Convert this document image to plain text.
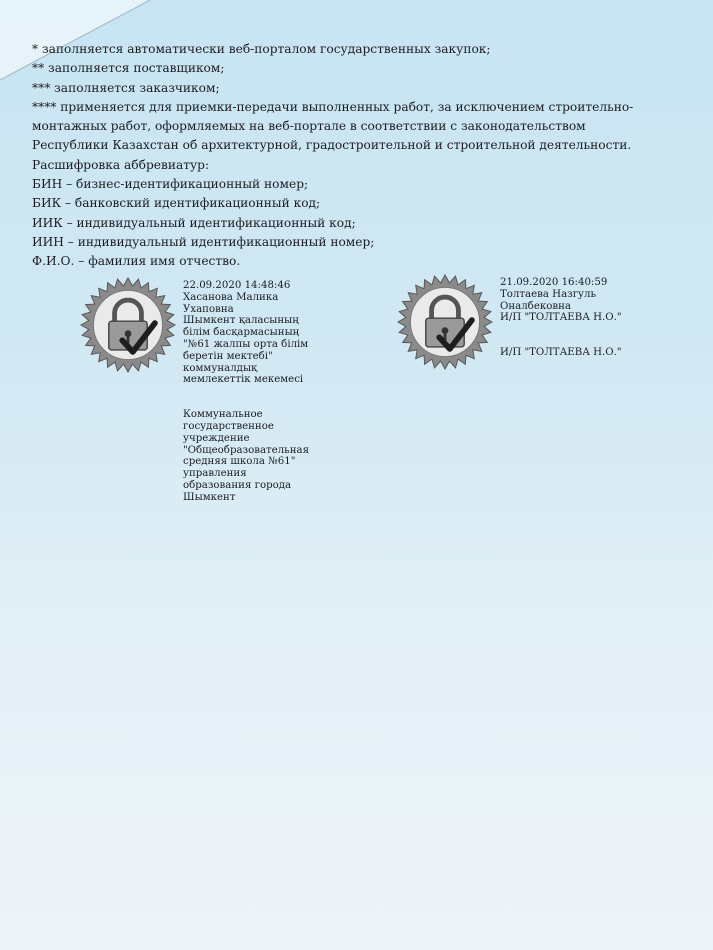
* заполняется автоматически веб-порталом государственных закупок;
** заполняется поставщиком;
*** заполняется заказчиком;
**** применяется для приемки-передачи выполненных работ, за исключением строительно-
монтажных работ, оформляемых на веб-портале в соответствии с законодательством
Республики Казахстан об архитектурной, градостроительной и строительной деятельности.
Расшифровка аббревиатур:
БИН – бизнес-идентификационный номер;
БИК – банковский идентификационный код;
ИИК – индивидуальный идентификационный код;
ИИН – индивидуальный идентификационный номер;
Ф.И.О. – фамилия имя отчество.
22.09.2020 14:48:46
Хасанова Малика
Ухаповна
Шымкент қаласының
білім басқармасының
"№61 жалпы орта білім
беретін мектебі"
коммуналдық
мемлекеттік мекемесі
Коммунальное
государственное
учреждение
"Общеобразовательная
средняя школа №61"
управления
образования города
Шымкент
21.09.2020 16:40:59
Толтаева Назгуль
Оналбековна
И/П "ТОЛТАЕВА Н.О."
И/П "ТОЛТАЕВА Н.О."
